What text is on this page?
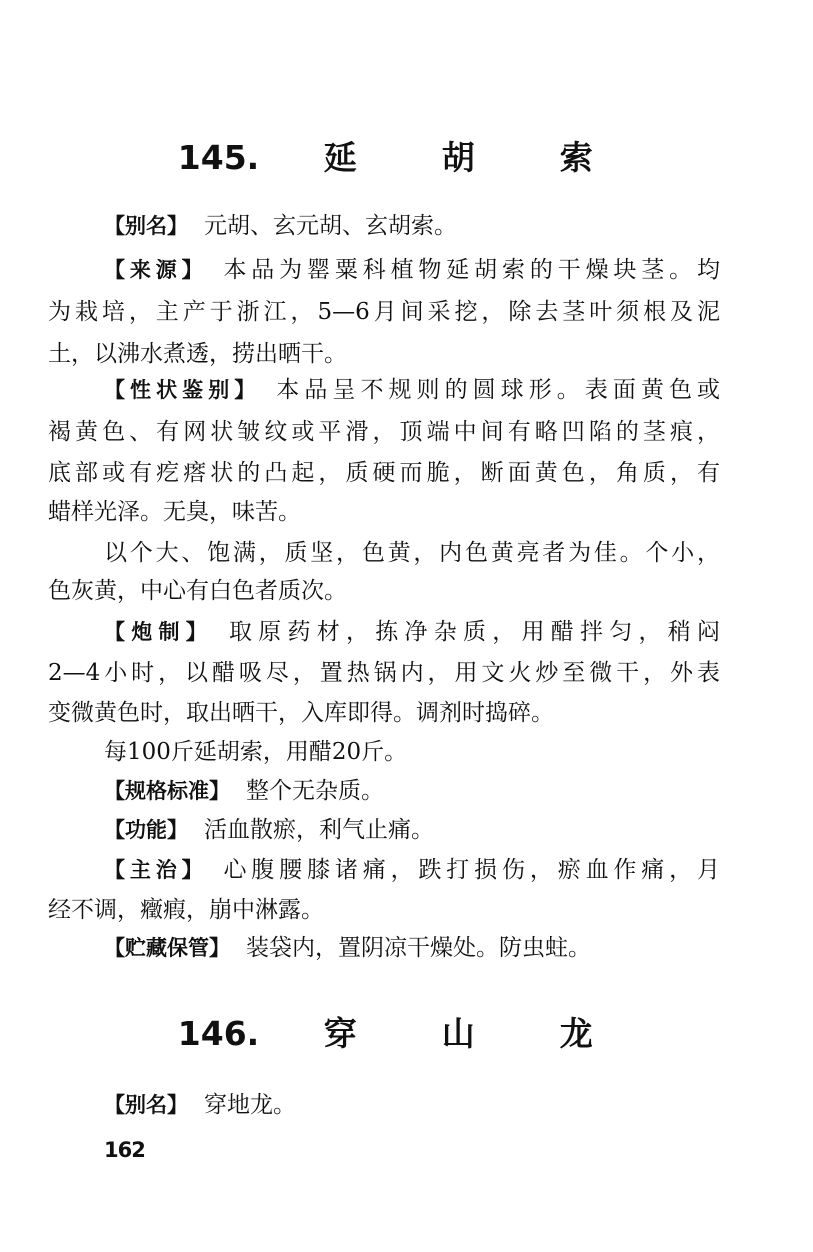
145. 延	胡	索
【别名】 元胡、玄元胡、玄胡索。
【来源】 本品为罂粟科植物延胡索的干燥块茎。均
为栽培，主产于浙江，5—6月间采挖，除去茎叶须根及泥
土，以沸水煮透，捞出晒干。
【性状鉴别】 本品呈不规则的圆球形。表面黄色或
褐黄色、有网状皱纹或平滑，顶端中间有略凹陷的茎痕，
底部或有疙瘩状的凸起，质硬而脆，断面黄色，角质，有
蜡样光泽。无臭，味苦。
以个大、饱满，质坚，色黄，内色黄亮者为佳。个小，
色灰黄，中心有白色者质次。
【炮制】 取原药材，拣净杂质，用醋拌匀，稍闷
2—4小时，以醋吸尽，置热锅内，用文火炒至微干，外表
变微黄色时，取出晒干，入库即得。调剂时捣碎。
每100斤延胡索，用醋20斤。
【规格标准】 整个无杂质。
【功能】 活血散瘀，利气止痛。
【主治】 心腹腰膝诸痛，跌打损伤，瘀血作痛，月
经不调，癥瘕，崩中淋露。
【贮藏保管】 装袋内，置阴凉干燥处。防虫蛀。
146. 穿	山	龙
【别名】 穿地龙。
162
